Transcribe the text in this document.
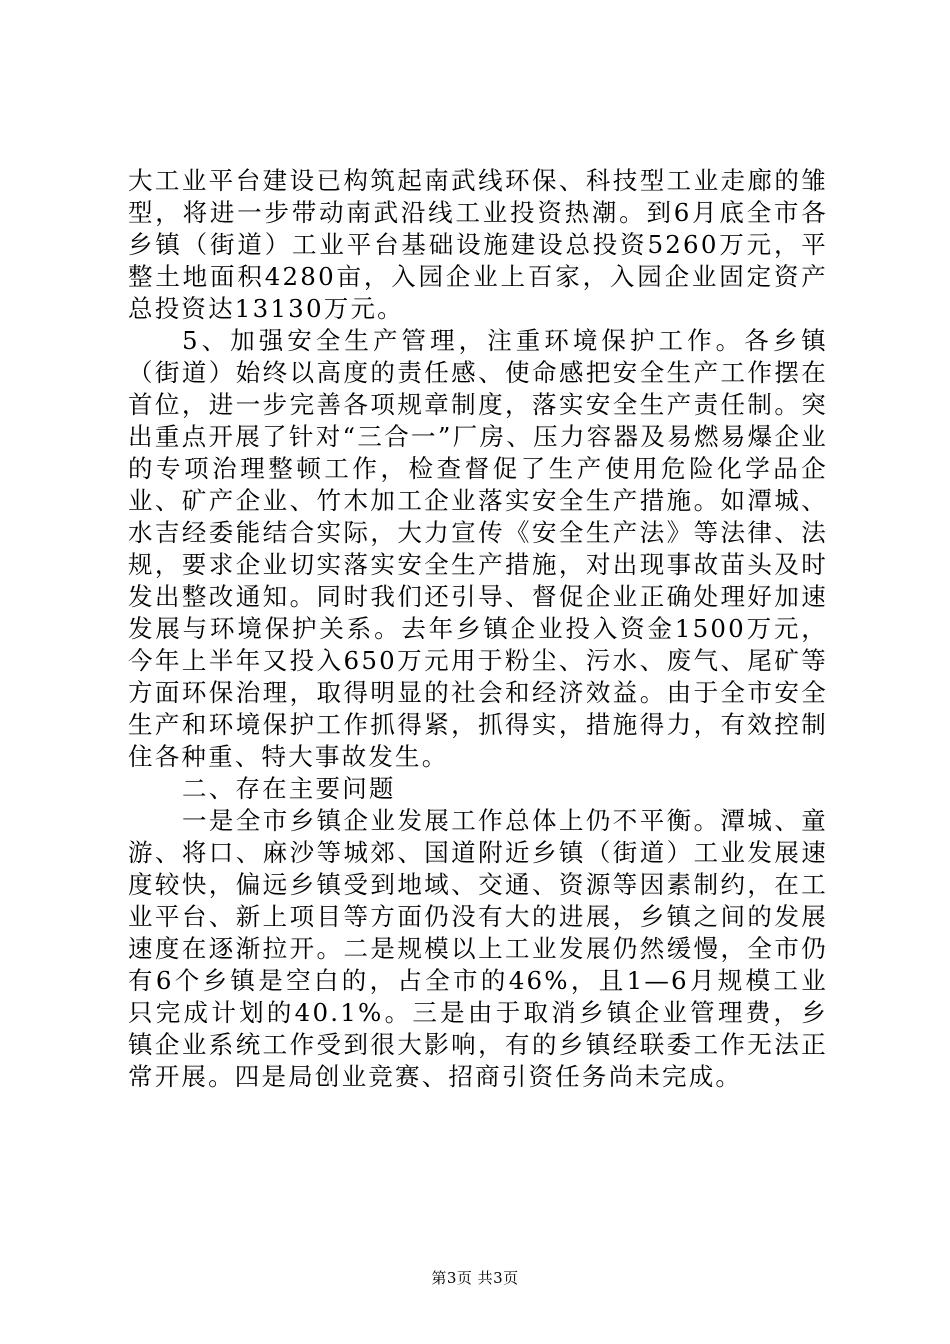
大工业平台建设已构筑起南武线环保、科技型工业走廊的雏型，将进一步带动南武沿线工业投资热潮。到6月底全市各乡镇（街道）工业平台基础设施建设总投资5260万元，平整土地面积4280亩，入园企业上百家，入园企业固定资产总投资达13130万元。

5、加强安全生产管理，注重环境保护工作。各乡镇（街道）始终以高度的责任感、使命感把安全生产工作摆在首位，进一步完善各项规章制度，落实安全生产责任制。突出重点开展了针对“三合一”厂房、压力容器及易燃易爆企业的专项治理整顿工作，检查督促了生产使用危险化学品企业、矿产企业、竹木加工企业落实安全生产措施。如潭城、水吉经委能结合实际，大力宣传《安全生产法》等法律、法规，要求企业切实落实安全生产措施，对出现事故苗头及时发出整改通知。同时我们还引导、督促企业正确处理好加速发展与环境保护关系。去年乡镇企业投入资金1500万元，今年上半年又投入650万元用于粉尘、污水、废气、尾矿等方面环保治理，取得明显的社会和经济效益。由于全市安全生产和环境保护工作抓得紧，抓得实，措施得力，有效控制住各种重、特大事故发生。

二、存在主要问题

一是全市乡镇企业发展工作总体上仍不平衡。潭城、童游、将口、麻沙等城郊、国道附近乡镇（街道）工业发展速度较快，偏远乡镇受到地域、交通、资源等因素制约，在工业平台、新上项目等方面仍没有大的进展，乡镇之间的发展速度在逐渐拉开。二是规模以上工业发展仍然缓慢，全市仍有6个乡镇是空白的，占全市的46%，且1—6月规模工业只完成计划的40.1%。三是由于取消乡镇企业管理费，乡镇企业系统工作受到很大影响，有的乡镇经联委工作无法正常开展。四是局创业竞赛、招商引资任务尚未完成。

第3页 共3页
